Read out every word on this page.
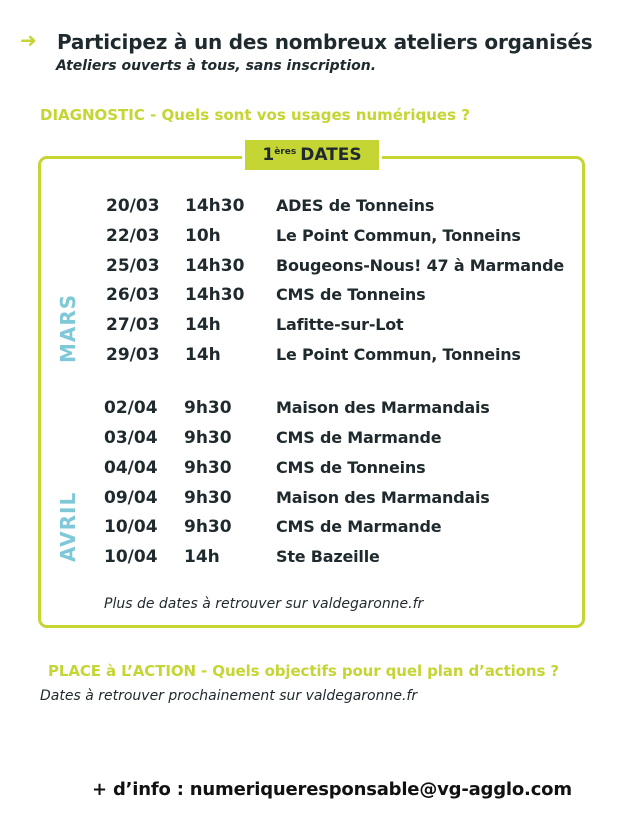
➜ Participez à un des nombreux ateliers organisés
Ateliers ouverts à tous, sans inscription.
DIAGNOSTIC - Quels sont vos usages numériques ?
1ères DATES
MARS
AVRIL
20/03 14h30 ADES de Tonneins
22/03 10h	Le Point Commun, Tonneins
25/03 14h30 Bougeons-Nous! 47 à Marmande
26/03 14h30 CMS de Tonneins
27/03 14h	Lafitte-sur-Lot
29/03 14h	Le Point Commun, Tonneins
02/04 9h30	Maison des Marmandais
03/04 9h30	CMS de Marmande
04/04 9h30	CMS de Tonneins
09/04 9h30	Maison des Marmandais
10/04 9h30	CMS de Marmande
10/04 14h	Ste Bazeille
Plus de dates à retrouver sur valdegaronne.fr
PLACE à L’ACTION - Quels objectifs pour quel plan d’actions ?
Dates à retrouver prochainement sur valdegaronne.fr
+ d’info : numeriqueresponsable@vg-agglo.com
